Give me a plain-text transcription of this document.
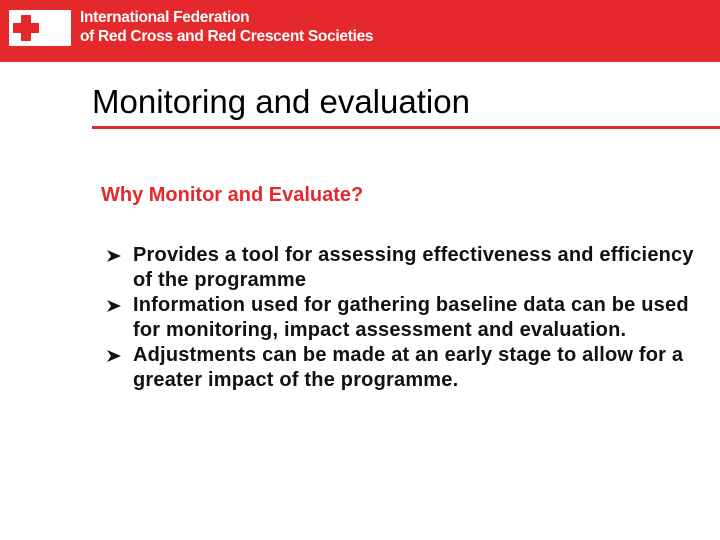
International Federation
of Red Cross and Red Crescent Societies
Monitoring and evaluation
Why Monitor and Evaluate?
Provides a tool for assessing effectiveness and efficiency of the programme
Information used for gathering baseline data can be used for monitoring, impact assessment and evaluation.
Adjustments can be made at an early stage to allow for a greater impact of the programme.
